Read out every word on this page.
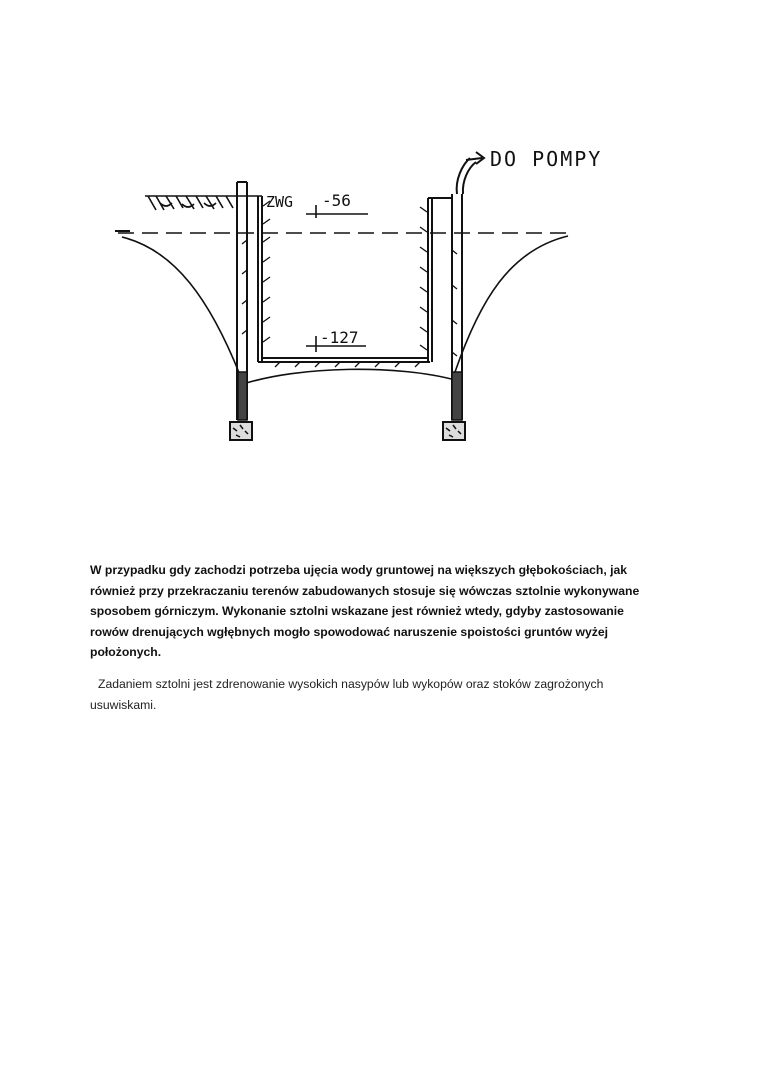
ZWG -56
-127
DO POMPY

W przypadku gdy zachodzi potrzeba ujęcia wody gruntowej na większych głębokościach, jak również przy przekraczaniu terenów zabudowanych stosuje się wówczas sztolnie wykonywane sposobem górniczym. Wykonanie sztolni wskazane jest również wtedy, gdyby zastosowanie rowów drenujących wgłębnych mogło spowodować naruszenie spoistości gruntów wyżej położonych.

Zadaniem sztolni jest zdrenowanie wysokich nasypów lub wykopów oraz stoków zagrożonych usuwiskami.
